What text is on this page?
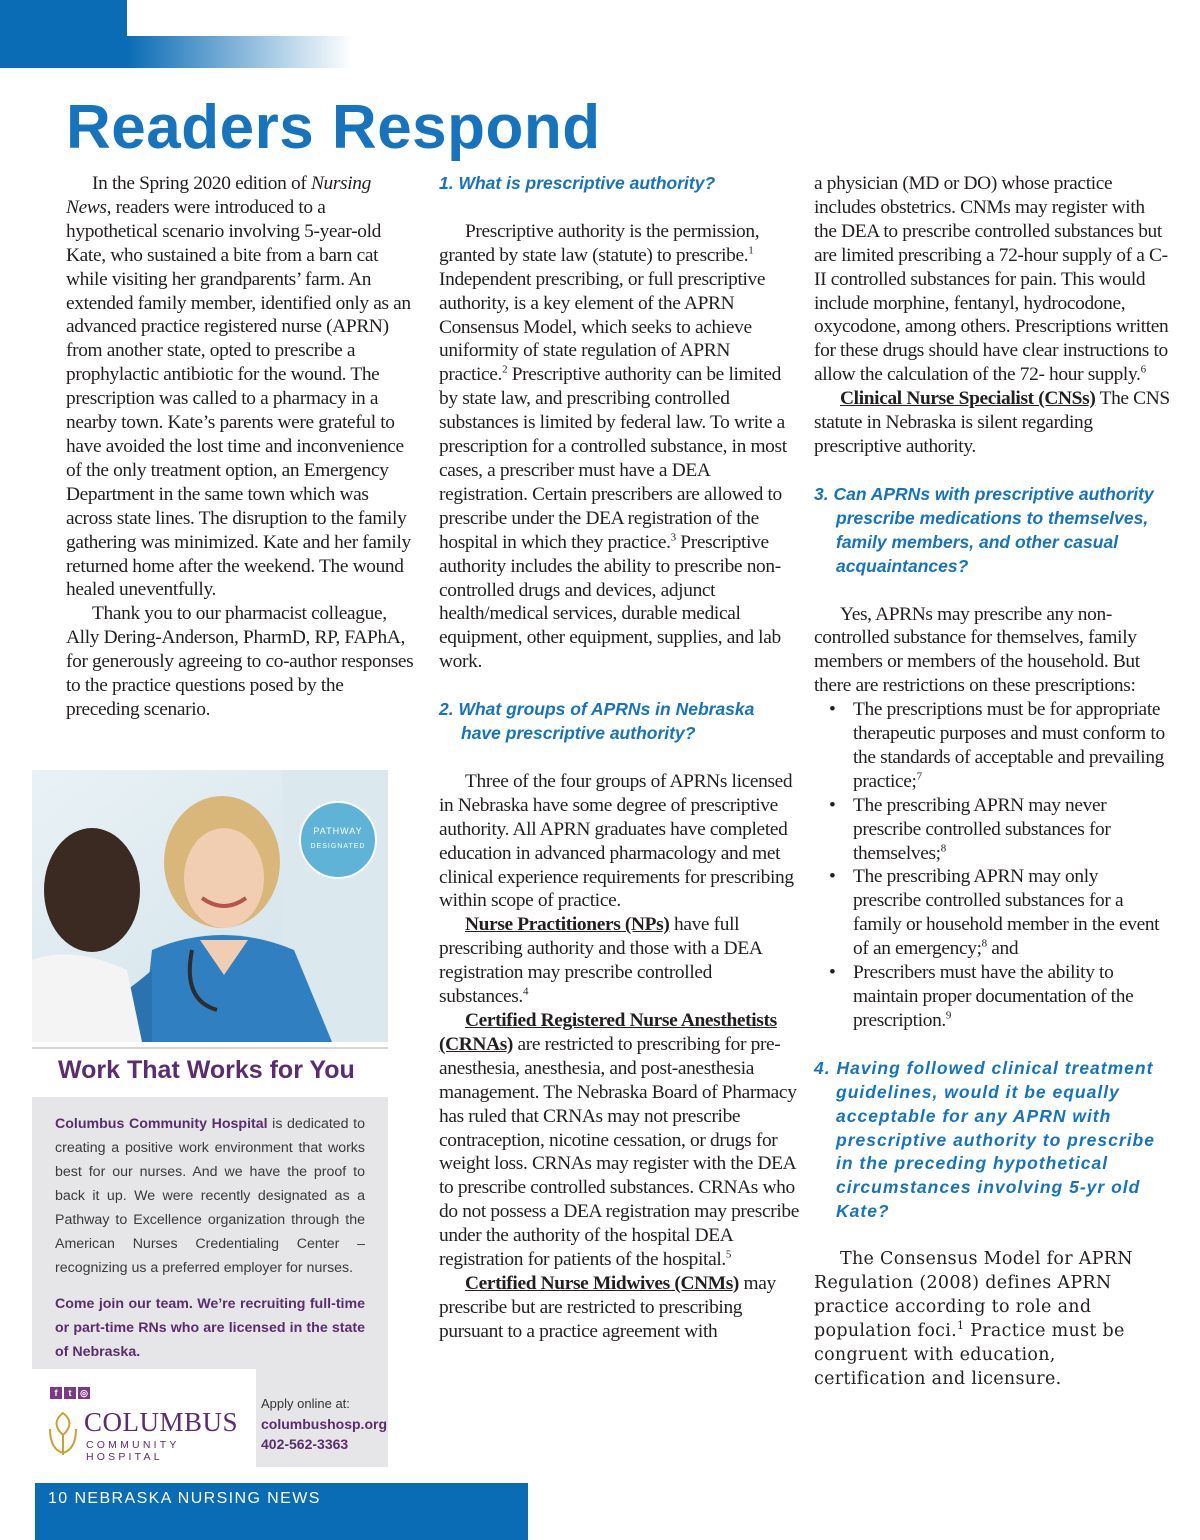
Readers Respond

In the Spring 2020 edition of Nursing News, readers were introduced to a hypothetical scenario involving 5-year-old Kate, who sustained a bite from a barn cat while visiting her grandparents’ farm. An extended family member, identified only as an advanced practice registered nurse (APRN) from another state, opted to prescribe a prophylactic antibiotic for the wound. The prescription was called to a pharmacy in a nearby town. Kate’s parents were grateful to have avoided the lost time and inconvenience of the only treatment option, an Emergency Department in the same town which was across state lines. The disruption to the family gathering was minimized. Kate and her family returned home after the weekend. The wound healed uneventfully.

Thank you to our pharmacist colleague, Ally Dering-Anderson, PharmD, RP, FAPhA, for generously agreeing to co-author responses to the practice questions posed by the preceding scenario.

PATHWAY
DESIGNATED
Work That Works for You

Columbus Community Hospital is dedicated to creating a positive work environment that works best for our nurses. And we have the proof to back it up. We were recently designated as a Pathway to Excellence organization through the American Nurses Credentialing Center – recognizing us a preferred employer for nurses.

Come join our team. We’re recruiting full-time or part-time RNs who are licensed in the state of Nebraska.

f	t ◎
COLUMBUS
COMMUNITY HOSPITAL
Apply online at:
columbushosp.org
402-562-3363

1. What is prescriptive authority?

Prescriptive authority is the permission, granted by state law (statute) to prescribe.$^1$ Independent prescribing, or full prescriptive authority, is a key element of the APRN Consensus Model, which seeks to achieve uniformity of state regulation of APRN practice.$^2$ Prescriptive authority can be limited by state law, and prescribing controlled substances is limited by federal law. To write a prescription for a controlled substance, in most cases, a prescriber must have a DEA registration. Certain prescribers are allowed to prescribe under the DEA registration of the hospital in which they practice.$^3$ Prescriptive authority includes the ability to prescribe non-controlled drugs and devices, adjunct health/medical services, durable medical equipment, other equipment, supplies, and lab work.

2. What groups of APRNs in Nebraska have prescriptive authority?

Three of the four groups of APRNs licensed in Nebraska have some degree of prescriptive authority. All APRN graduates have completed education in advanced pharmacology and met clinical experience requirements for prescribing within scope of practice.

Nurse Practitioners (NPs) have full prescribing authority and those with a DEA registration may prescribe controlled substances.$^4$

Certified Registered Nurse Anesthetists (CRNAs) are restricted to prescribing for pre-anesthesia, anesthesia, and post-anesthesia management. The Nebraska Board of Pharmacy has ruled that CRNAs may not prescribe contraception, nicotine cessation, or drugs for weight loss. CRNAs may register with the DEA to prescribe controlled substances. CRNAs who do not possess a DEA registration may prescribe under the authority of the hospital DEA registration for patients of the hospital.$^5$

Certified Nurse Midwives (CNMs) may prescribe but are restricted to prescribing pursuant to a practice agreement with

a physician (MD or DO) whose practice includes obstetrics. CNMs may register with the DEA to prescribe controlled substances but are limited prescribing a 72-hour supply of a C-II controlled substances for pain. This would include morphine, fentanyl, hydrocodone, oxycodone, among others. Prescriptions written for these drugs should have clear instructions to allow the calculation of the 72- hour supply.$^6$

Clinical Nurse Specialist (CNSs) The CNS statute in Nebraska is silent regarding prescriptive authority.

3. Can APRNs with prescriptive authority prescribe medications to themselves, family members, and other casual acquaintances?

Yes, APRNs may prescribe any non-controlled substance for themselves, family members or members of the household. But there are restrictions on these prescriptions:

• The prescriptions must be for appropriate therapeutic purposes and must conform to the standards of acceptable and prevailing practice;$^7$
• The prescribing APRN may never prescribe controlled substances for themselves;$^8$
• The prescribing APRN may only prescribe controlled substances for a family or household member in the event of an emergency;$^8$ and
• Prescribers must have the ability to maintain proper documentation of the prescription.$^9$

4. Having followed clinical treatment guidelines, would it be equally acceptable for any APRN with prescriptive authority to prescribe in the preceding hypothetical circumstances involving 5-yr old Kate?

The Consensus Model for APRN Regulation (2008) defines APRN practice according to role and population foci.$^1$ Practice must be congruent with education, certification and licensure.

10 NEBRASKA NURSING NEWS
